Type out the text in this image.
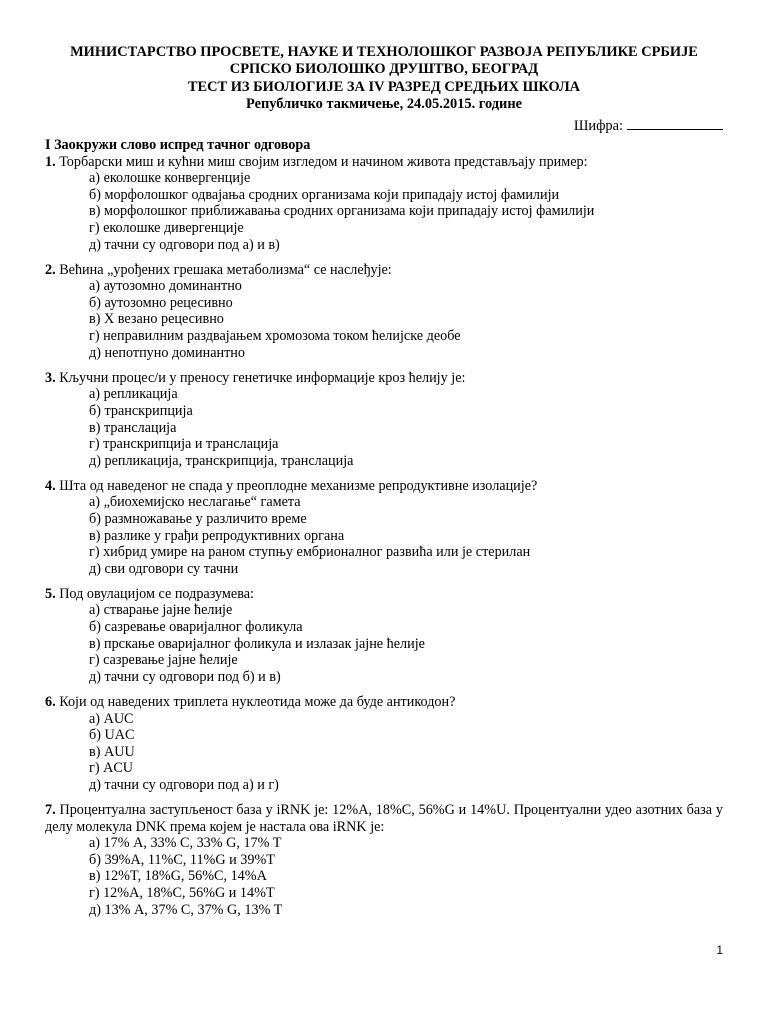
МИНИСТАРСТВО ПРОСВЕТЕ, НАУКЕ И ТЕХНОЛОШКОГ РАЗВОЈА РЕПУБЛИКЕ СРБИЈЕ
СРПСКО БИОЛОШКО ДРУШТВО, БЕОГРАД
ТЕСТ ИЗ БИОЛОГИЈЕ ЗА IV РАЗРЕД СРЕДЊИХ ШКОЛА
Републичко такмичење, 24.05.2015. године
Шифра:
I Заокружи слово испред тачног одговора
1. Торбарски миш и кућни миш својим изгледом и начином живота представљају пример:
а) еколошке конвергенције
б) морфолошког одвајања сродних организама који припадају истој фамилији
в) морфолошког приближавања сродних организама који припадају истој фамилији
г) еколошке дивергенције
д) тачни су одговори под а) и в)
2. Већина „урођених грешака метаболизма“ се наслеђује:
а) аутозомно доминантно
б) аутозомно рецесивно
в) X везано рецесивно
г) неправилним раздвајањем хромозома током ћелијске деобе
д) непотпуно доминантно
3. Кључни процес/и у преносу генетичке информације кроз ћелију је:
а) репликација
б) транскрипција
в) транслација
г) транскрипција и транслација
д) репликација, транскрипција, транслација
4. Шта од наведеног не спада у преоплодне механизме репродуктивне изолације?
а) „биохемијско неслагање“ гамета
б) размножавање у различито време
в) разлике у грађи репродуктивних органа
г) хибрид умире на раном ступњу ембрионалног развића или је стерилан
д) сви одговори су тачни
5. Под овулацијом се подразумева:
а) стварање јајне ћелије
б) сазревање оваријалног фоликула
в) прскање оваријалног фоликула и излазак јајне ћелије
г) сазревање јајне ћелије
д) тачни су одговори под б) и в)
6. Који од наведених триплета нуклеотида може да буде антикодон?
а) AUC
б) UAC
в) AUU
г) ACU
д) тачни су одговори под а) и г)
7. Процентуална заступљеност база у iRNK је: 12%A, 18%C, 56%G и 14%U. Процентуални удео азотних база у делу молекула DNK према којем је настала ова iRNK је:
а) 17% A, 33% C, 33% G, 17% T
б) 39%A, 11%C, 11%G и 39%T
в) 12%T, 18%G, 56%C, 14%A
г) 12%A, 18%C, 56%G и 14%T
д) 13% A, 37% C, 37% G, 13% T
1
